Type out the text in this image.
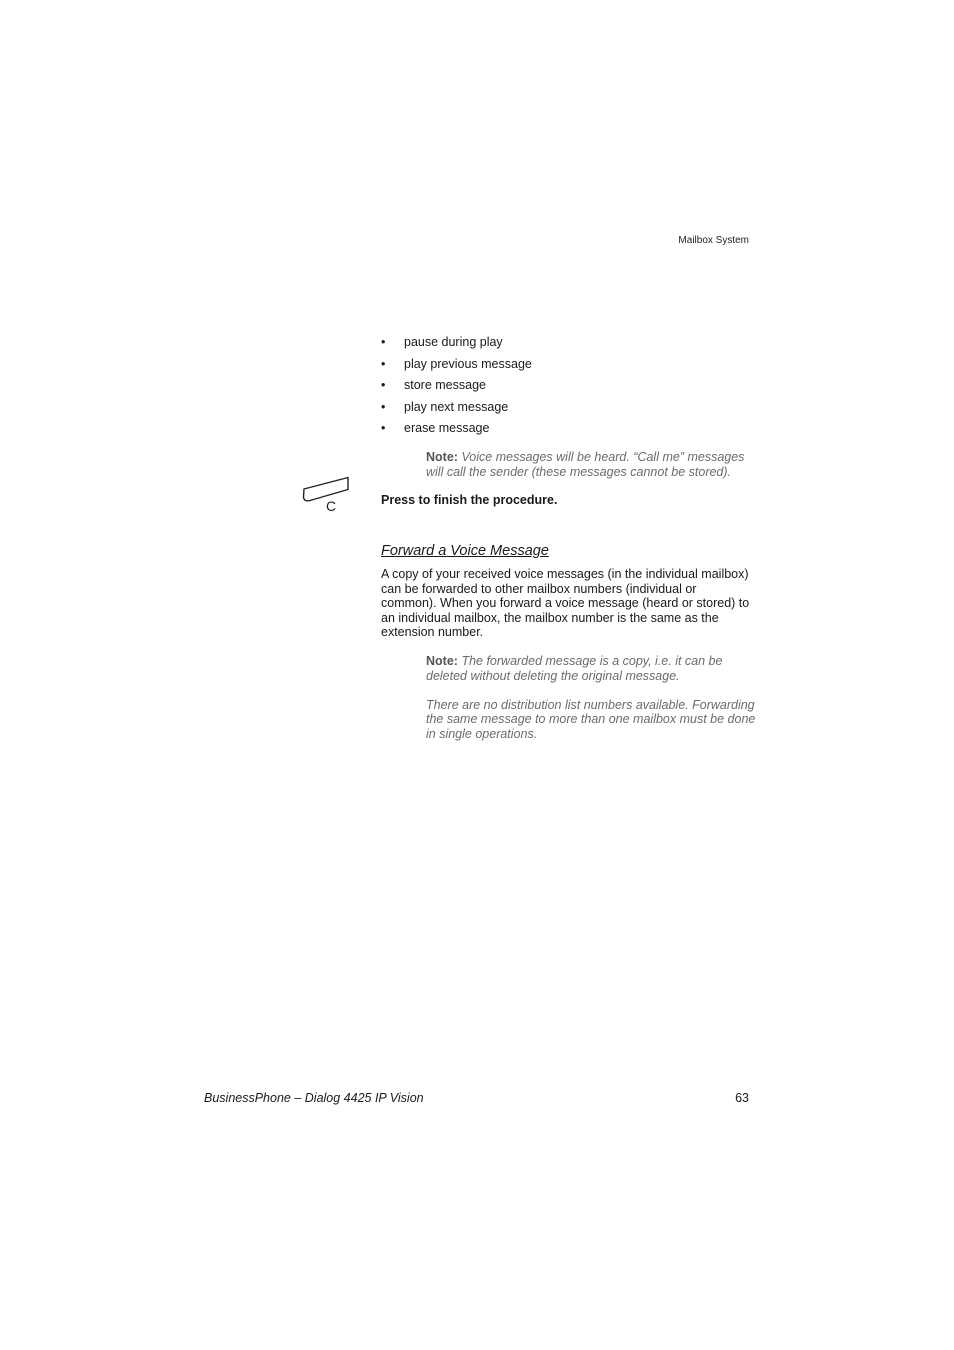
Mailbox System
• pause during play
• play previous message
• store message
• play next message
• erase message

Note: Voice messages will be heard. “Call me” messages will call the sender (these messages cannot be stored).

C	Press to finish the procedure.
Forward a Voice Message

A copy of your received voice messages (in the individual mailbox) can be forwarded to other mailbox numbers (individual or common). When you forward a voice message (heard or stored) to an individual mailbox, the mailbox number is the same as the extension number.

Note: The forwarded message is a copy, i.e. it can be deleted without deleting the original message.

There are no distribution list numbers available. Forwarding the same message to more than one mailbox must be done in single operations.

BusinessPhone – Dialog 4425 IP Vision	63
